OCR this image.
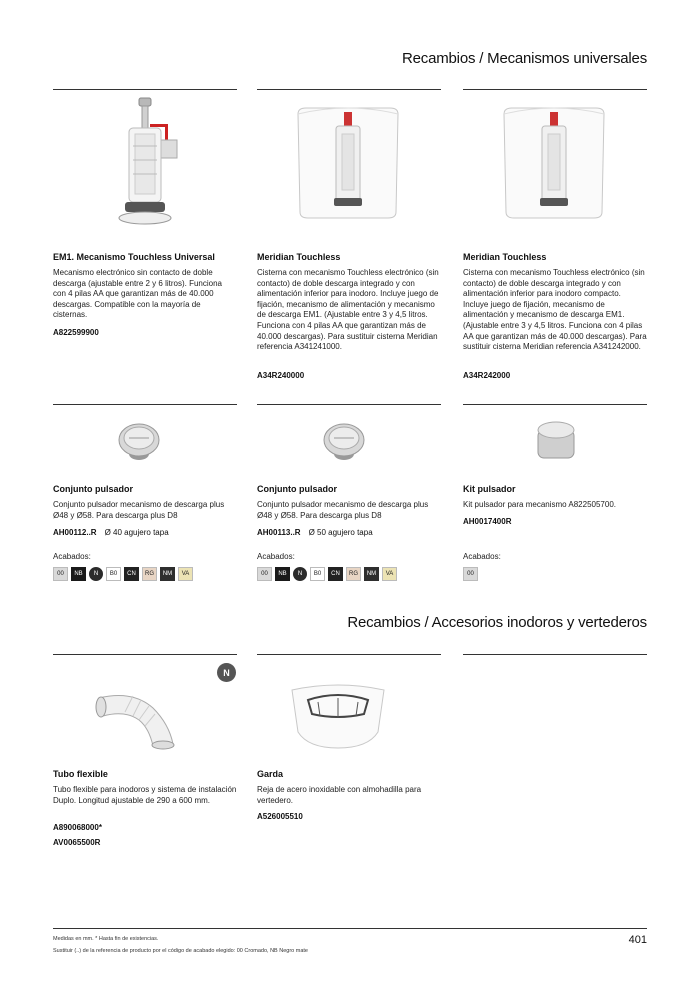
Recambios / Mecanismos universales
EM1. Mecanismo Touchless Universal
Mecanismo electrónico sin contacto de doble descarga (ajustable entre 2 y 6 litros). Funciona con 4 pilas AA que garantizan más de 40.000 descargas. Compatible con la mayoría de cisternas.
A822599900
Meridian Touchless
Cisterna con mecanismo Touchless electrónico (sin contacto) de doble descarga integrado y con alimentación inferior para inodoro. Incluye juego de fijación, mecanismo de alimentación y mecanismo de descarga EM1. (Ajustable entre 3 y 4,5 litros. Funciona con 4 pilas AA que garantizan más de 40.000 descargas). Para sustituir cisterna Meridian referencia A341241000.
A34R240000
Meridian Touchless
Cisterna con mecanismo Touchless electrónico (sin contacto) de doble descarga integrado y con alimentación inferior para inodoro compacto. Incluye juego de fijación, mecanismo de alimentación y mecanismo de descarga EM1. (Ajustable entre 3 y 4,5 litros. Funciona con 4 pilas AA que garantizan más de 40.000 descargas). Para sustituir cisterna Meridian referencia A341242000.
A34R242000
Conjunto pulsador
Conjunto pulsador mecanismo de descarga plus Ø48 y Ø58. Para descarga plus D8
AH00112..R Ø 40 agujero tapa
Acabados:
00	NB	N	B0	CN	RG	NM	VA
Conjunto pulsador
Conjunto pulsador mecanismo de descarga plus Ø48 y Ø58. Para descarga plus D8
AH00113..R Ø 50 agujero tapa
Acabados:
00	NB	N	B0	CN	RG	NM	VA
Kit pulsador
Kit pulsador para mecanismo A822505700.
AH0017400R
Acabados:
00
Recambios / Accesorios inodoros y vertederos
N
Tubo flexible
Tubo flexible para inodoros y sistema de instalación Duplo. Longitud ajustable de 290 a 600 mm.
A890068000*
AV0065500R
Garda
Reja de acero inoxidable con almohadilla para vertedero.
A526005510
Medidas en mm. * Hasta fin de existencias.
Sustituir (..) de la referencia de producto por el código de acabado elegido: 00 Cromado, NB Negro mate
401
